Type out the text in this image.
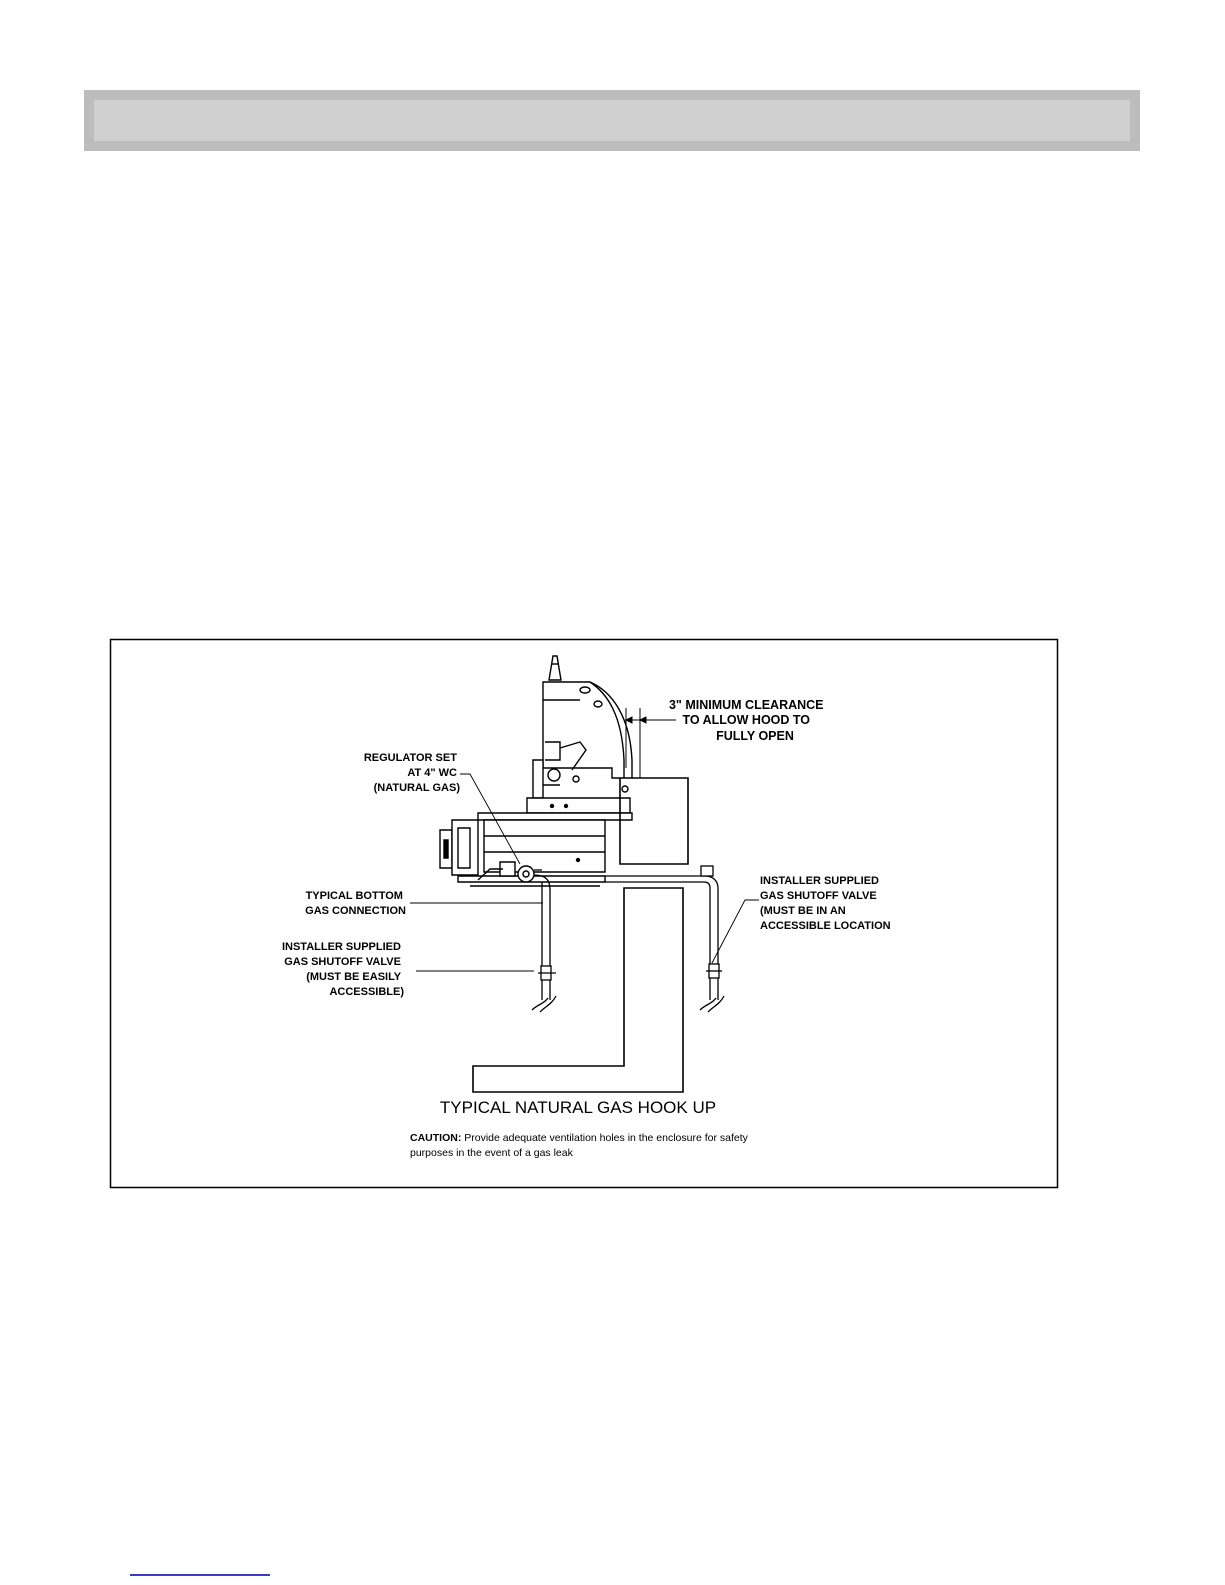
3" MINIMUM CLEARANCE TO ALLOW HOOD TO FULLY OPEN
REGULATOR SET AT 4" WC (NATURAL GAS)
TYPICAL BOTTOM GAS CONNECTION
INSTALLER SUPPLIED GAS SHUTOFF VALVE (MUST BE EASILY ACCESSIBLE)
INSTALLER SUPPLIED GAS SHUTOFF VALVE (MUST BE IN AN ACCESSIBLE LOCATION
TYPICAL NATURAL GAS HOOK UP
CAUTION: Provide adequate ventilation holes in the enclosure for safety purposes in the event of a gas leak
